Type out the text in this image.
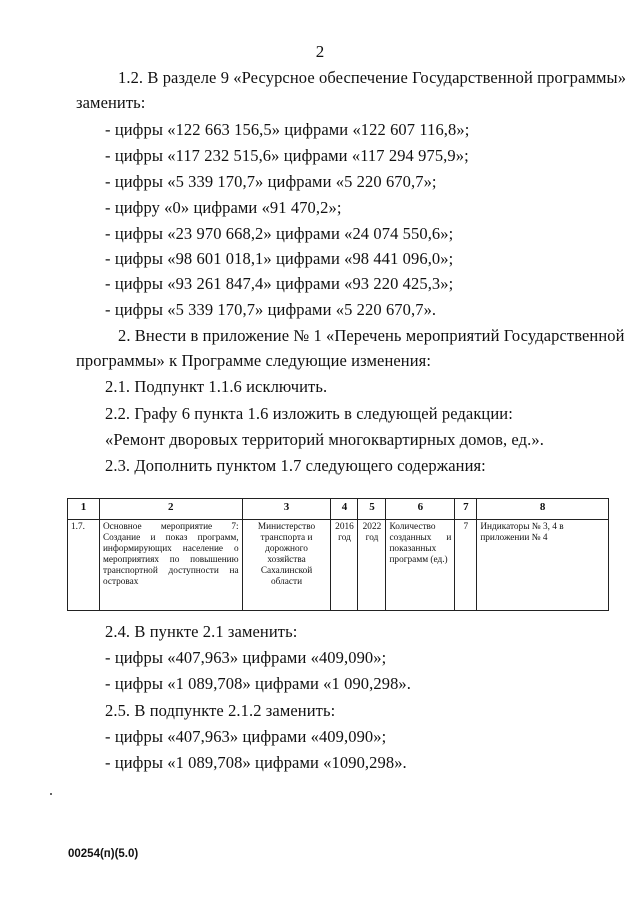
2
1.2. В разделе 9 «Ресурсное обеспечение Государственной программы»
заменить:
- цифры «122 663 156,5» цифрами «122 607 116,8»;
- цифры «117 232 515,6» цифрами «117 294 975,9»;
- цифры «5 339 170,7» цифрами «5 220 670,7»;
- цифру «0» цифрами «91 470,2»;
- цифры «23 970 668,2» цифрами «24 074 550,6»;
- цифры «98 601 018,1» цифрами «98 441 096,0»;
- цифры «93 261 847,4» цифрами «93 220 425,3»;
- цифры «5 339 170,7» цифрами «5 220 670,7».
2. Внести в приложение № 1 «Перечень мероприятий Государственной
программы» к Программе следующие изменения:
2.1. Подпункт 1.1.6 исключить.
2.2. Графу 6 пункта 1.6 изложить в следующей редакции:
«Ремонт дворовых территорий многоквартирных домов, ед.».
2.3. Дополнить пунктом 1.7 следующего содержания:
1	2	3	4	5	6	7	8
1.7.	Основное мероприятие 7: Создание и показ программ, информирующих население о мероприятиях по повышению транспортной доступности на островах	Министерство транспорта и дорожного хозяйства Сахалинской области	2016 год	2022 год	Количество созданных и показанных программ (ед.)	7	Индикаторы № 3, 4 в приложении № 4
2.4. В пункте 2.1 заменить:
- цифры «407,963» цифрами «409,090»;
- цифры «1 089,708» цифрами «1 090,298».
2.5. В подпункте 2.1.2 заменить:
- цифры «407,963» цифрами «409,090»;
- цифры «1 089,708» цифрами «1090,298».
00254(п)(5.0)
